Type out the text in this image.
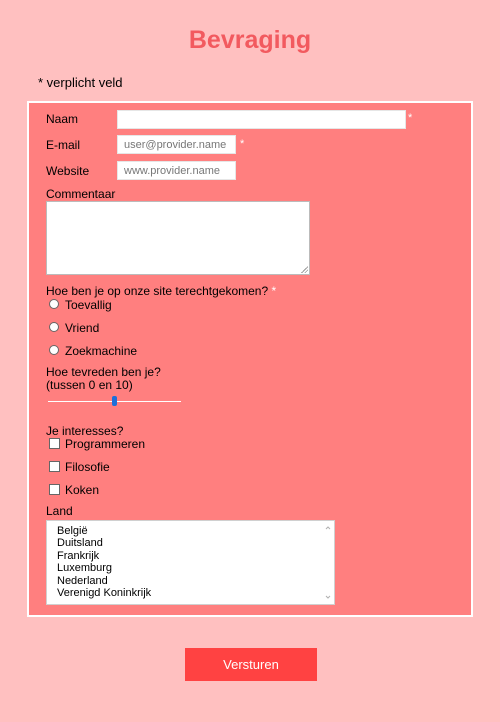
Bevraging
* verplicht veld
Naam	*
E-mail
user@provider.name	*
Website
www.provider.name
Commentaar
Hoe ben je op onze site terechtgekomen? *
Toevallig
Vriend
Zoekmachine
Hoe tevreden ben je?
(tussen 0 en 10)
Je interesses?
Programmeren
Filosofie
Koken
Land
België
Duitsland
Frankrijk
Luxemburg
Nederland
Verenigd Koninkrijk
Versturen
